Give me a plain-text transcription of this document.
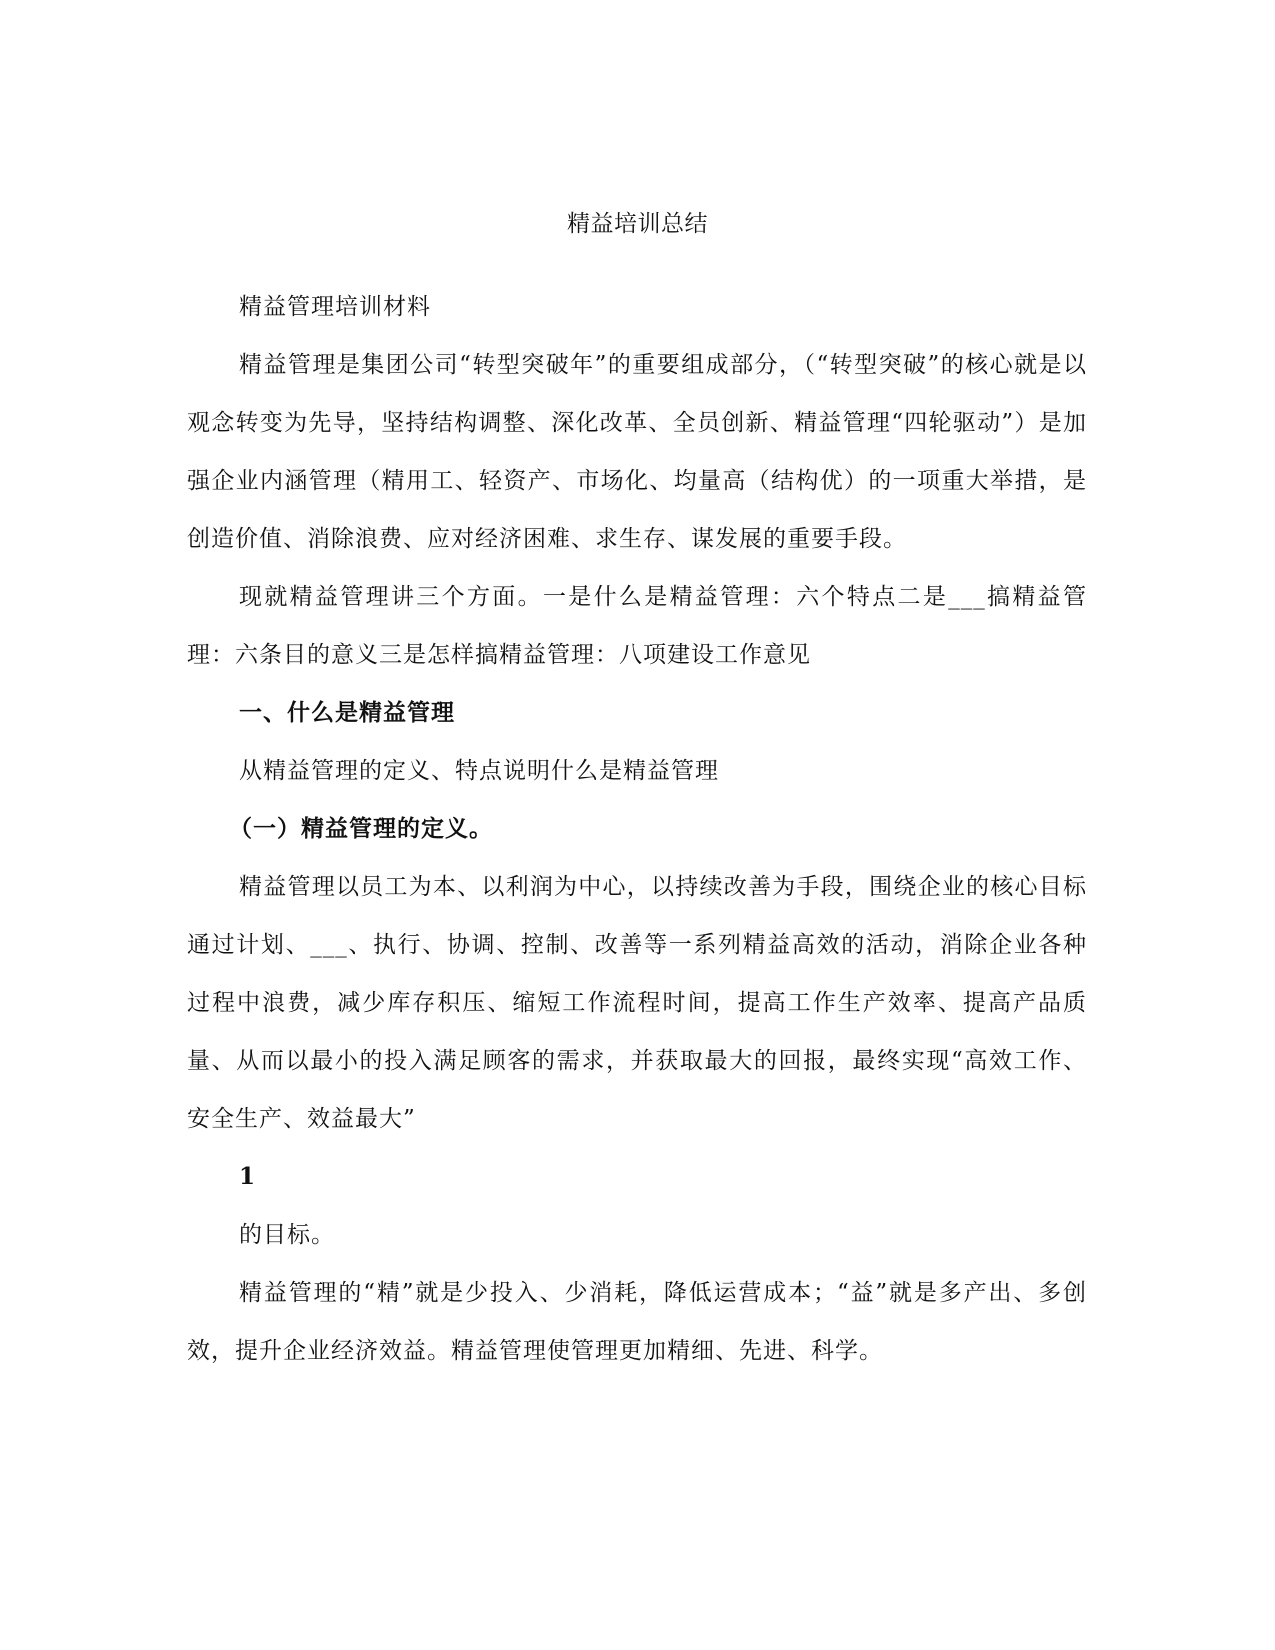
精益培训总结

精益管理培训材料

精益管理是集团公司“转型突破年”的重要组成部分，（“转型突破”的核心就是以观念转变为先导，坚持结构调整、深化改革、全员创新、精益管理“四轮驱动”）是加强企业内涵管理（精用工、轻资产、市场化、均量高（结构优）的一项重大举措，是创造价值、消除浪费、应对经济困难、求生存、谋发展的重要手段。

现就精益管理讲三个方面。一是什么是精益管理：六个特点二是___搞精益管理：六条目的意义三是怎样搞精益管理：八项建设工作意见

一、什么是精益管理

从精益管理的定义、特点说明什么是精益管理

（一）精益管理的定义。

精益管理以员工为本、以利润为中心，以持续改善为手段，围绕企业的核心目标通过计划、___、执行、协调、控制、改善等一系列精益高效的活动，消除企业各种过程中浪费，减少库存积压、缩短工作流程时间，提高工作生产效率、提高产品质量、从而以最小的投入满足顾客的需求，并获取最大的回报，最终实现“高效工作、安全生产、效益最大”

1

的目标。

精益管理的“精”就是少投入、少消耗，降低运营成本；“益”就是多产出、多创效，提升企业经济效益。精益管理使管理更加精细、先进、科学。
